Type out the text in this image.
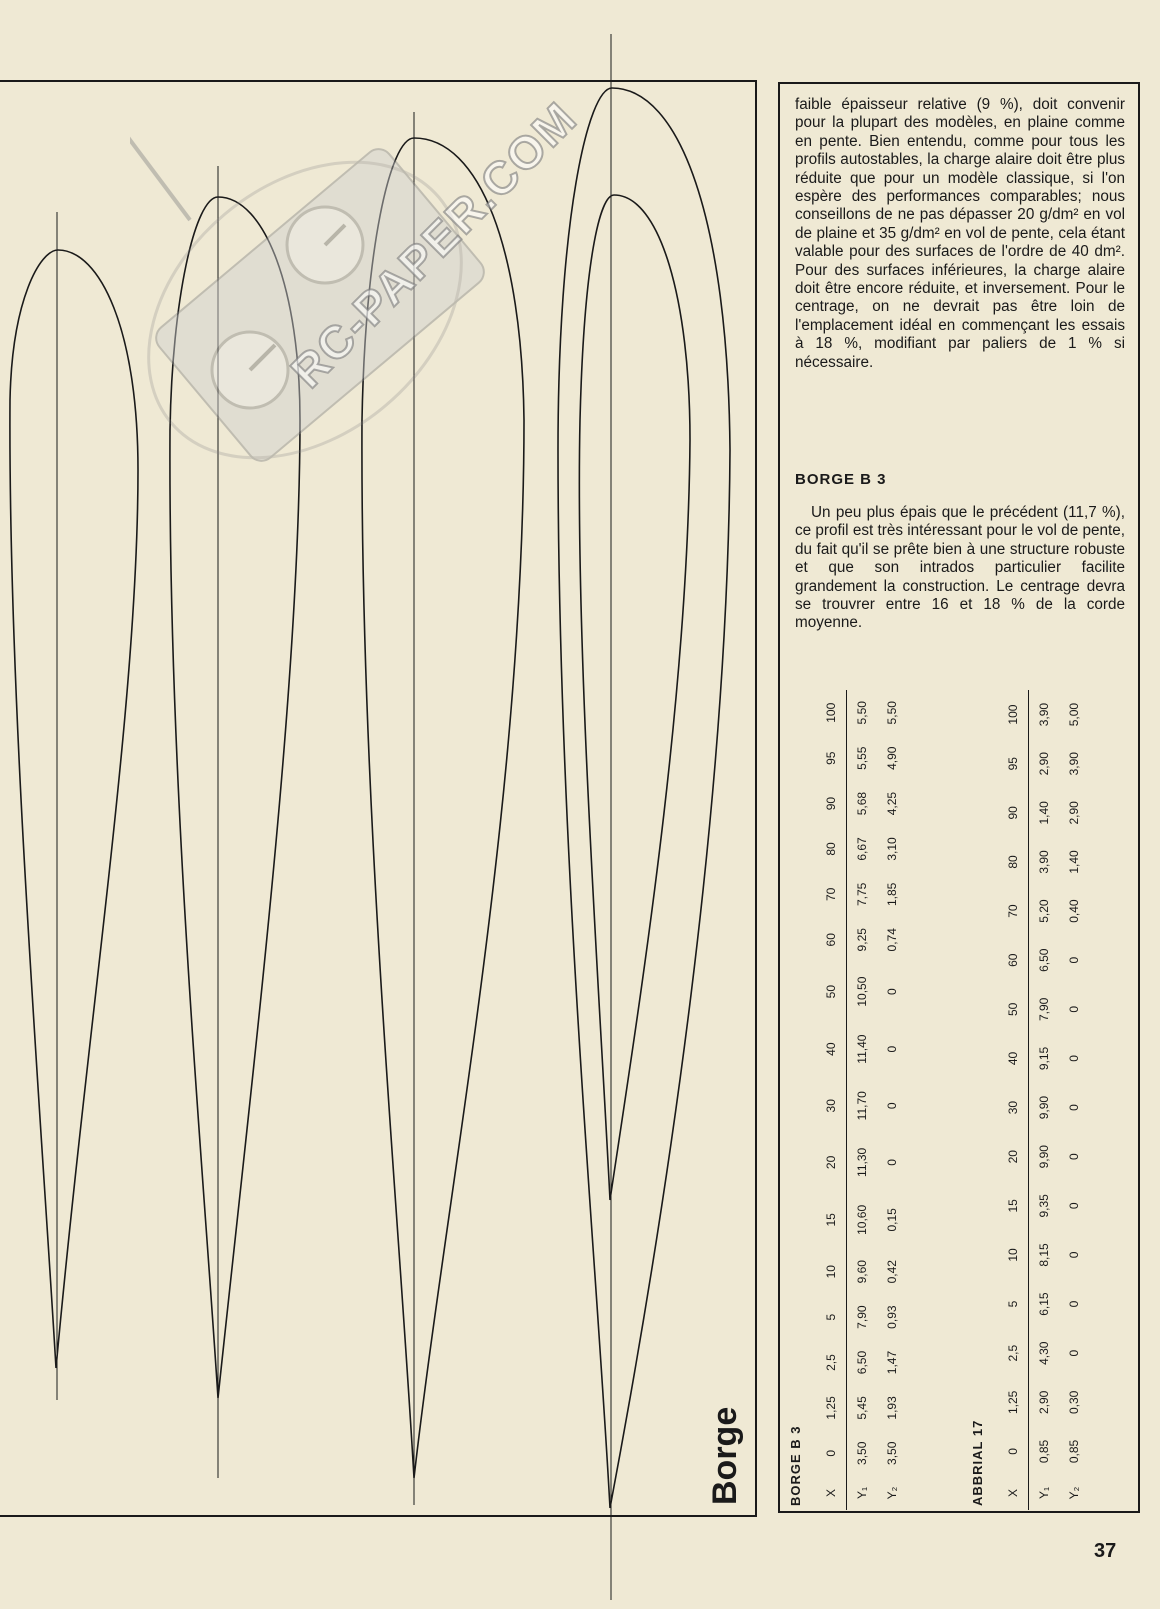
RC-PAPER.COM
Borge

faible épaisseur relative (9 %), doit convenir pour la plupart des modèles, en plaine comme en pente. Bien entendu, comme pour tous les profils autostables, la charge alaire doit être plus réduite que pour un modèle classique, si l'on espère des performances comparables; nous conseillons de ne pas dépasser 20 g/dm² en vol de plaine et 35 g/dm² en vol de pente, cela étant valable pour des surfaces de l'ordre de 40 dm². Pour des surfaces inférieures, la charge alaire doit être encore réduite, et inversement. Pour le centrage, on ne devrait pas être loin de l'emplacement idéal en commençant les essais à 18 %, modifiant par paliers de 1 % si nécessaire.

BORGE B 3

Un peu plus épais que le précédent (11,7 %), ce profil est très intéressant pour le vol de pente, du fait qu'il se prête bien à une structure robuste et que son intrados particulier facilite grandement la construction. Le centrage devra se trouvrer entre 16 et 18 % de la corde moyenne.

BORGE B 3 X	0	1,25	2,5	5	10	15	20	30	40	50	60	70	80	90	95	100
Y₁	3,50	5,45	6,50	7,90	9,60	10,60	11,30	11,70	11,40	10,50	9,25	7,75	6,67	5,68	5,55	5,50
Y₂	3,50	1,93	1,47	0,93	0,42	0,15	0	0	0	0	0,74	1,85	3,10	4,25	4,90	5,50
ABBRIAL 17 X	0	1,25	2,5	5	10	15	20	30	40	50	60	70	80	90	95	100
Y₁	0,85	2,90	4,30	6,15	8,15	9,35	9,90	9,90	9,15	7,90	6,50	5,20	3,90	1,40	2,90	3,90
Y₂	0,85	0,30	0	0	0	0	0	0	0	0	0	0,40	1,40	2,90	3,90	5,00
37
